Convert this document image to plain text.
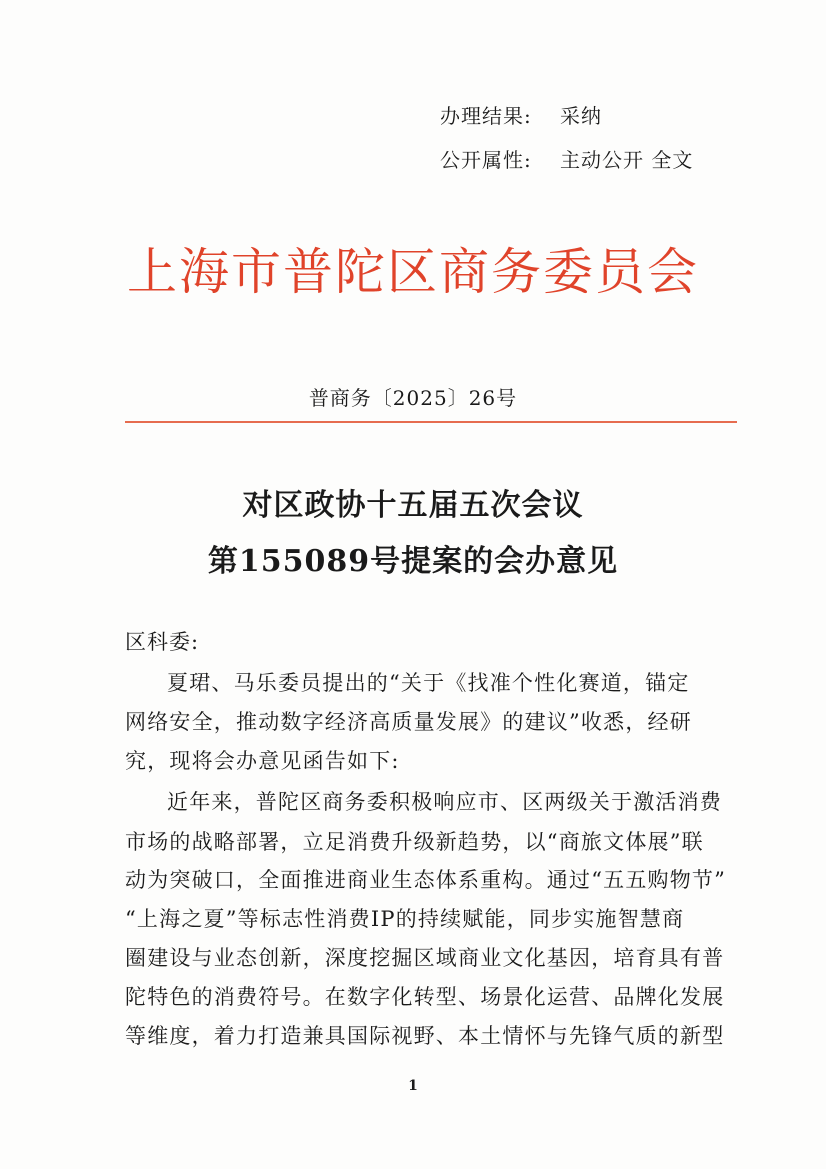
办理结果: 采纳
公开属性: 主动公开 全文
上海市普陀区商务委员会
普商务〔2025〕26号
对区政协十五届五次会议
第155089号提案的会办意见
区科委:
夏珺、马乐委员提出的“关于《找准个性化赛道，锚定
网络安全，推动数字经济高质量发展》的建议”收悉，经研
究，现将会办意见函告如下:
近年来，普陀区商务委积极响应市、区两级关于激活消费
市场的战略部署，立足消费升级新趋势，以“商旅文体展”联
动为突破口，全面推进商业生态体系重构。通过“五五购物节”
“上海之夏”等标志性消费IP的持续赋能，同步实施智慧商
圈建设与业态创新，深度挖掘区域商业文化基因，培育具有普
陀特色的消费符号。在数字化转型、场景化运营、品牌化发展
等维度，着力打造兼具国际视野、本土情怀与先锋气质的新型
1
